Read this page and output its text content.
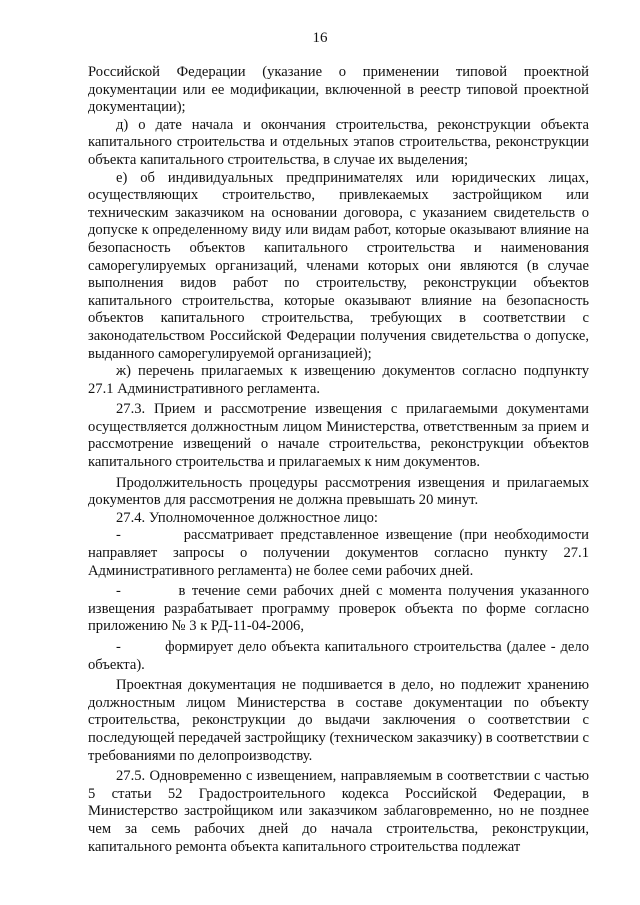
16

Российской Федерации (указание о применении типовой проектной документации или ее модификации, включенной в реестр типовой проектной документации);

д) о дате начала и окончания строительства, реконструкции объекта капитального строительства и отдельных этапов строительства, реконструкции объекта капитального строительства, в случае их выделения;

е) об индивидуальных предпринимателях или юридических лицах, осуществляющих строительство, привлекаемых застройщиком или техническим заказчиком на основании договора, с указанием свидетельств о допуске к определенному виду или видам работ, которые оказывают влияние на безопасность объектов капитального строительства и наименования саморегулируемых организаций, членами которых они являются (в случае выполнения видов работ по строительству, реконструкции объектов капитального строительства, которые оказывают влияние на безопасность объектов капитального строительства, требующих в соответствии с законодательством Российской Федерации получения свидетельства о допуске, выданного саморегулируемой организацией);

ж) перечень прилагаемых к извещению документов согласно подпункту 27.1 Административного регламента.

27.3. Прием и рассмотрение извещения с прилагаемыми документами осуществляется должностным лицом Министерства, ответственным за прием и рассмотрение извещений о начале строительства, реконструкции объектов капитального строительства и прилагаемых к ним документов.

Продолжительность процедуры рассмотрения извещения и прилагаемых документов для рассмотрения не должна превышать 20 минут.

27.4. Уполномоченное должностное лицо:

-         рассматривает представленное извещение (при необходимости направляет запросы о получении документов согласно пункту 27.1 Административного регламента) не более семи рабочих дней.

-         в течение семи рабочих дней с момента получения указанного извещения разрабатывает программу проверок объекта по форме согласно приложению № 3 к РД-11-04-2006,

-         формирует дело объекта капитального строительства (далее - дело объекта).

Проектная документация не подшивается в дело, но подлежит хранению должностным лицом Министерства в составе документации по объекту строительства, реконструкции до выдачи заключения о соответствии с последующей передачей застройщику (техническом заказчику) в соответствии с требованиями по делопроизводству.

27.5. Одновременно с извещением, направляемым в соответствии с частью 5 статьи 52 Градостроительного кодекса Российской Федерации, в Министерство застройщиком или заказчиком заблаговременно, но не позднее чем за семь рабочих дней до начала строительства, реконструкции, капитального ремонта объекта капитального строительства подлежат
